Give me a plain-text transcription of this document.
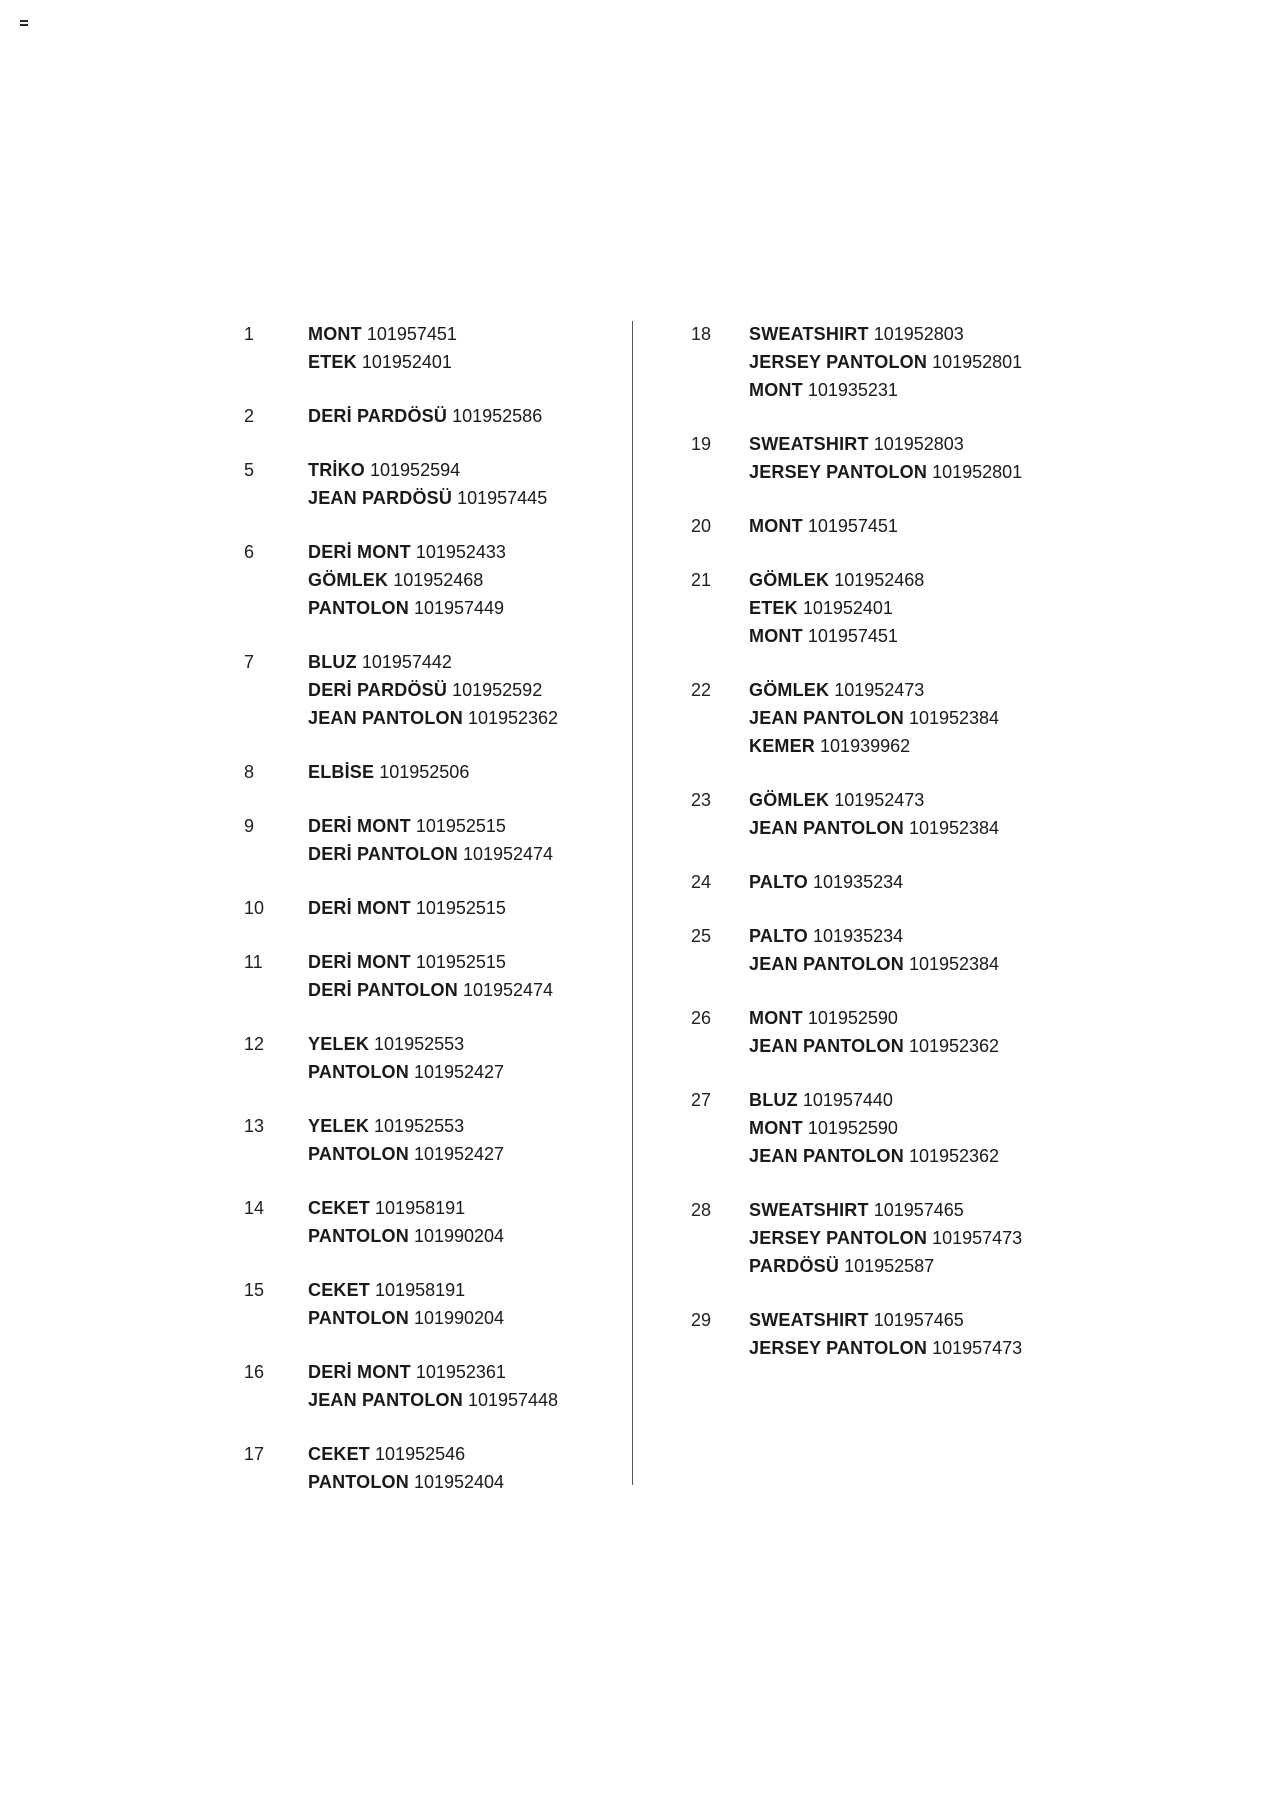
1	MONT 101957451
ETEK 101952401
2	DERİ PARDÖSÜ 101952586
5	TRİKO 101952594
JEAN PARDÖSÜ 101957445
6	DERİ MONT 101952433
GÖMLEK 101952468
PANTOLON 101957449
7	BLUZ 101957442
DERİ PARDÖSÜ 101952592
JEAN PANTOLON 101952362
8	ELBİSE 101952506
9	DERİ MONT 101952515
DERİ PANTOLON 101952474
10	DERİ MONT 101952515
11	DERİ MONT 101952515
DERİ PANTOLON 101952474
12	YELEK 101952553
PANTOLON 101952427
13	YELEK 101952553
PANTOLON 101952427
14	CEKET 101958191
PANTOLON 101990204
15	CEKET 101958191
PANTOLON 101990204
16	DERİ MONT 101952361
JEAN PANTOLON 101957448
17	CEKET 101952546
PANTOLON 101952404
18	SWEATSHIRT 101952803
JERSEY PANTOLON 101952801
MONT 101935231
19	SWEATSHIRT 101952803
JERSEY PANTOLON 101952801
20	MONT 101957451
21	GÖMLEK 101952468
ETEK 101952401
MONT 101957451
22	GÖMLEK 101952473
JEAN PANTOLON 101952384
KEMER 101939962
23	GÖMLEK 101952473
JEAN PANTOLON 101952384
24	PALTO 101935234
25	PALTO 101935234
JEAN PANTOLON 101952384
26	MONT 101952590
JEAN PANTOLON 101952362
27	BLUZ 101957440
MONT 101952590
JEAN PANTOLON 101952362
28	SWEATSHIRT 101957465
JERSEY PANTOLON 101957473
PARDÖSÜ 101952587
29	SWEATSHIRT 101957465
JERSEY PANTOLON 101957473
